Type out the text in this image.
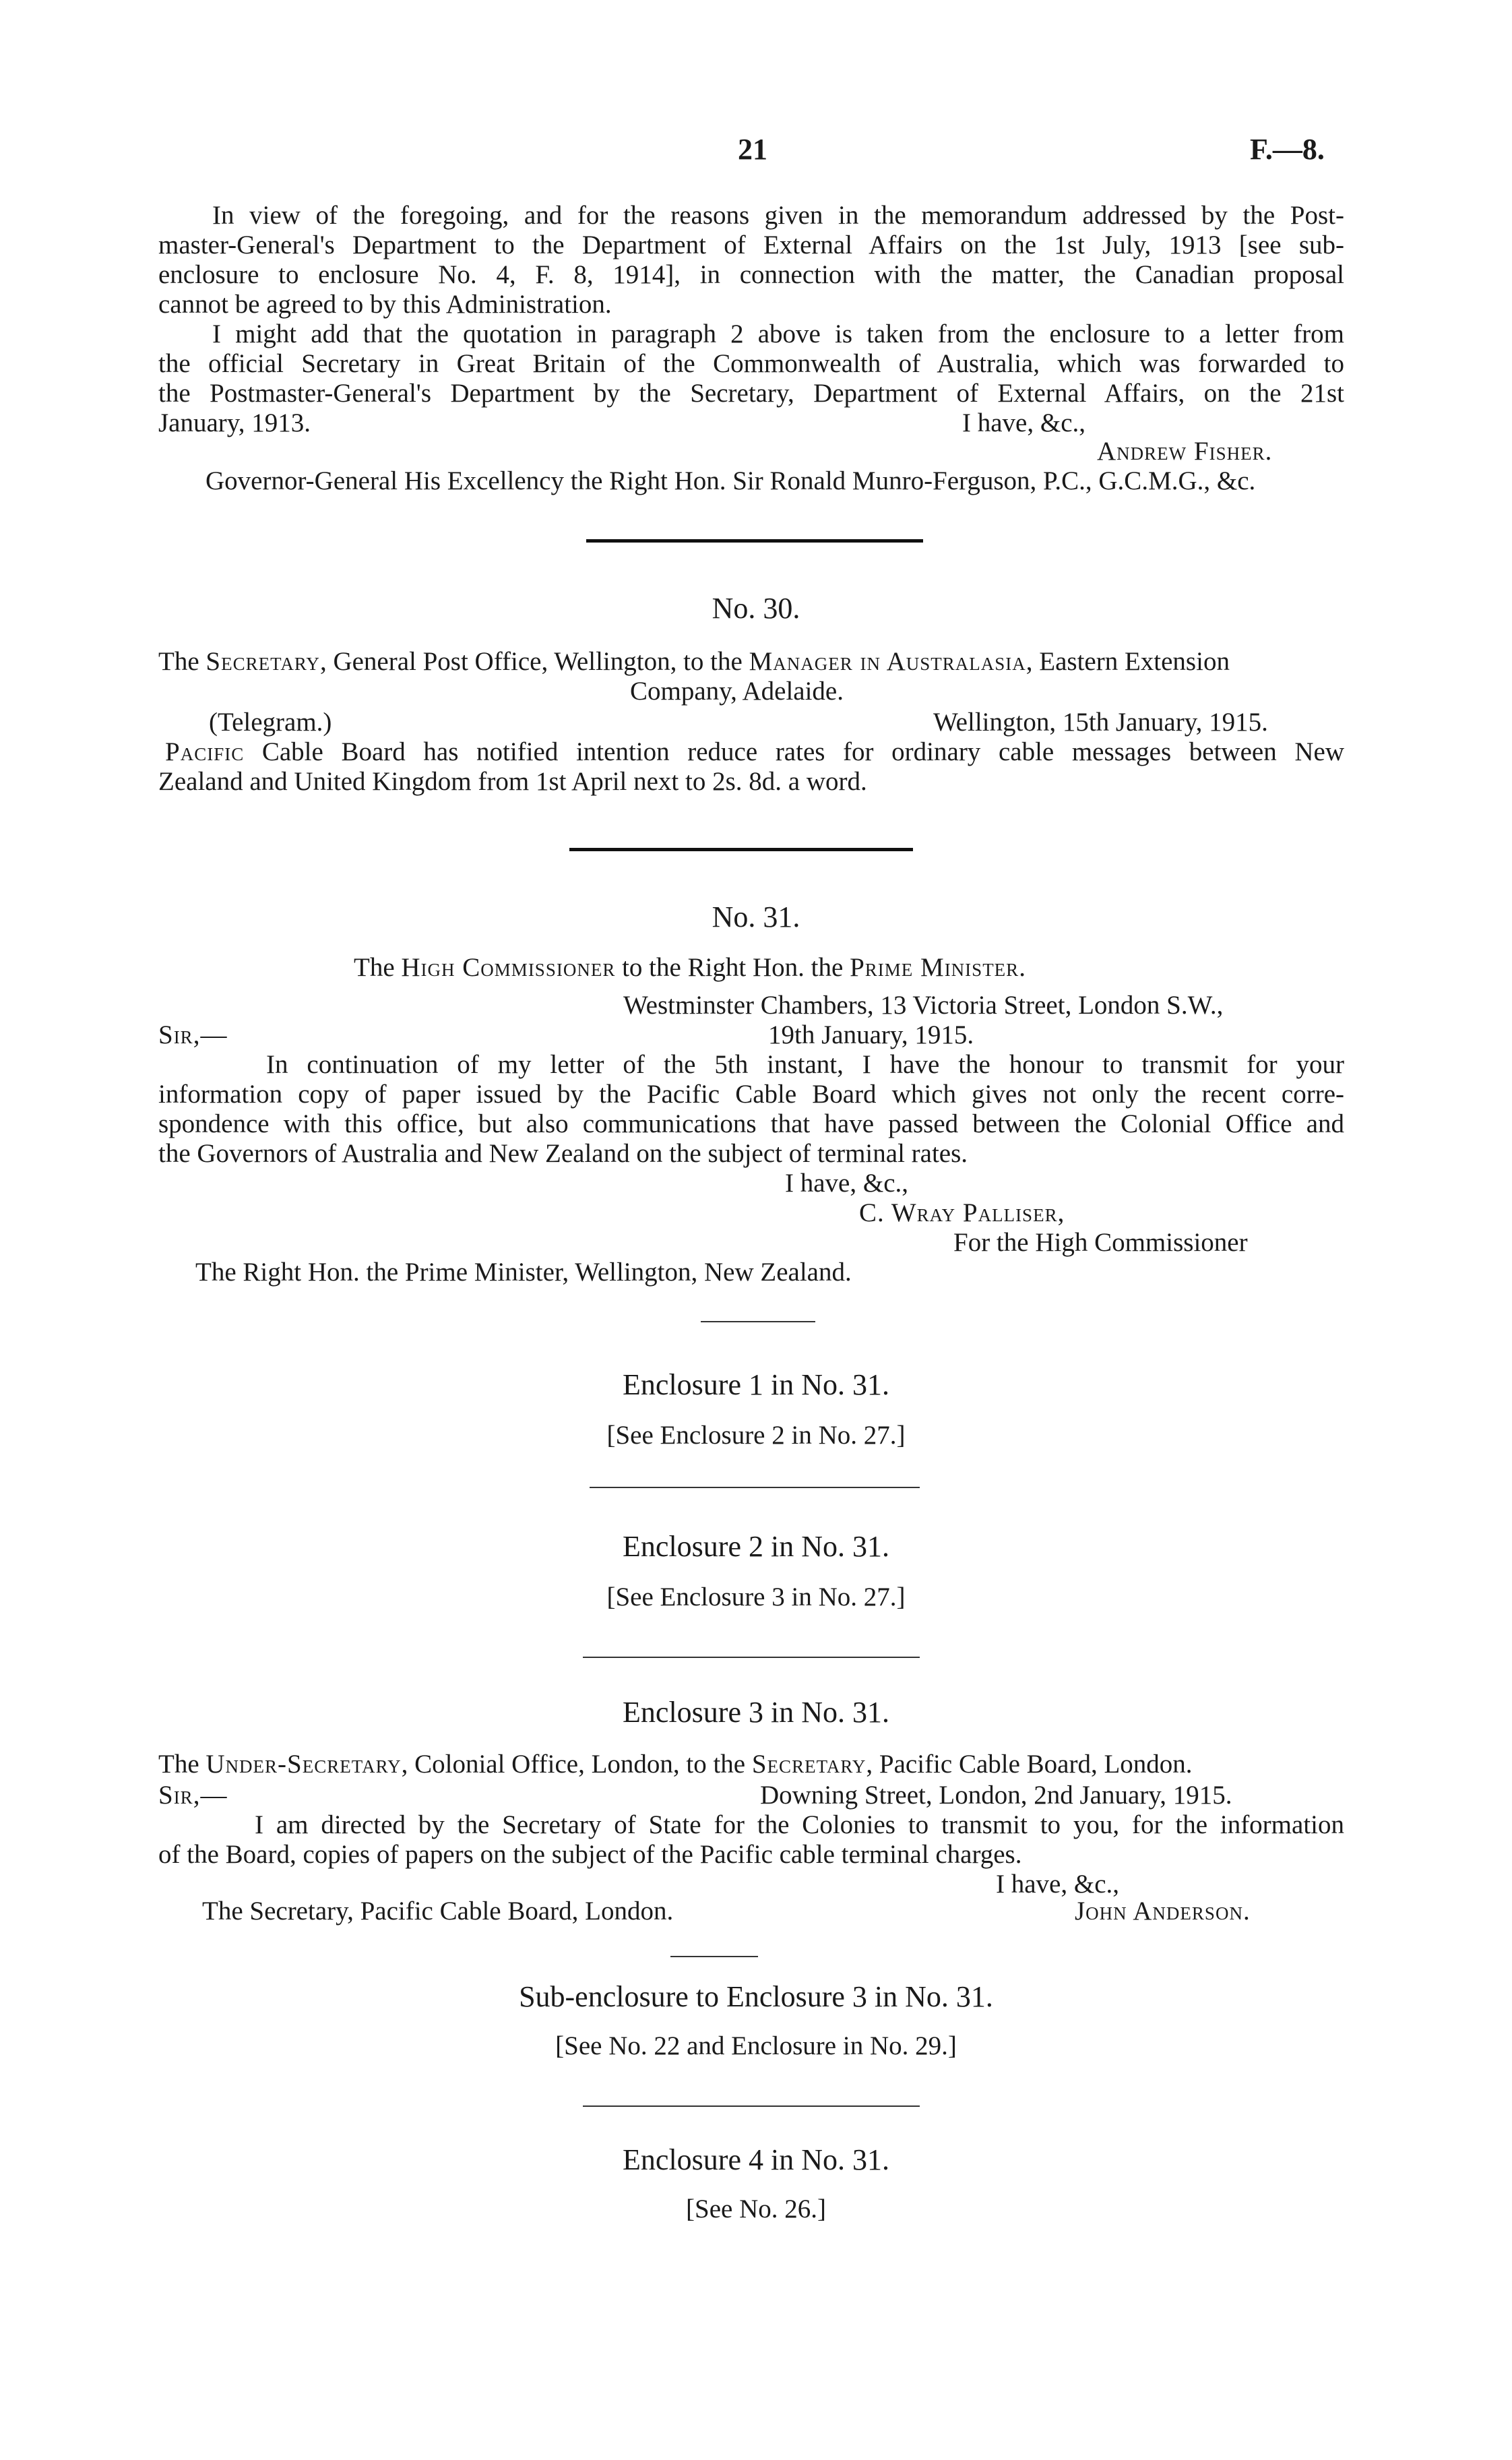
21	F.—8.
In view of the foregoing, and for the reasons given in the memorandum addressed by the Post-
master-General's Department to the Department of External Affairs on the 1st July, 1913 [see sub-
enclosure to enclosure No. 4, F. 8, 1914], in connection with the matter, the Canadian proposal
cannot be agreed to by this Administration.
I might add that the quotation in paragraph 2 above is taken from the enclosure to a letter from
the official Secretary in Great Britain of the Commonwealth of Australia, which was forwarded to
the Postmaster-General's Department by the Secretary, Department of External Affairs, on the 21st
January, 1913.	I have, &c.,
Andrew Fisher.
Governor-General His Excellency the Right Hon. Sir Ronald Munro-Ferguson, P.C., G.C.M.G., &c.
No. 30.
The Secretary, General Post Office, Wellington, to the Manager in Australasia, Eastern Extension
Company, Adelaide.
(Telegram.)	Wellington, 15th January, 1915.
Pacific Cable Board has notified intention reduce rates for ordinary cable messages between New
Zealand and United Kingdom from 1st April next to 2s. 8d. a word.
No. 31.
The High Commissioner to the Right Hon. the Prime Minister.
Westminster Chambers, 13 Victoria Street, London S.W.,
Sir,—	19th January, 1915.
In continuation of my letter of the 5th instant, I have the honour to transmit for your
information copy of paper issued by the Pacific Cable Board which gives not only the recent corre-
spondence with this office, but also communications that have passed between the Colonial Office and
the Governors of Australia and New Zealand on the subject of terminal rates.
I have, &c.,
C. Wray Palliser,
For the High Commissioner
The Right Hon. the Prime Minister, Wellington, New Zealand.
Enclosure 1 in No. 31.
[See Enclosure 2 in No. 27.]
Enclosure 2 in No. 31.
[See Enclosure 3 in No. 27.]
Enclosure 3 in No. 31.
The Under-Secretary, Colonial Office, London, to the Secretary, Pacific Cable Board, London.
Sir,—	Downing Street, London, 2nd January, 1915.
I am directed by the Secretary of State for the Colonies to transmit to you, for the information
of the Board, copies of papers on the subject of the Pacific cable terminal charges.
I have, &c.,
The Secretary, Pacific Cable Board, London.	John Anderson.
Sub-enclosure to Enclosure 3 in No. 31.
[See No. 22 and Enclosure in No. 29.]
Enclosure 4 in No. 31.
[See No. 26.]
